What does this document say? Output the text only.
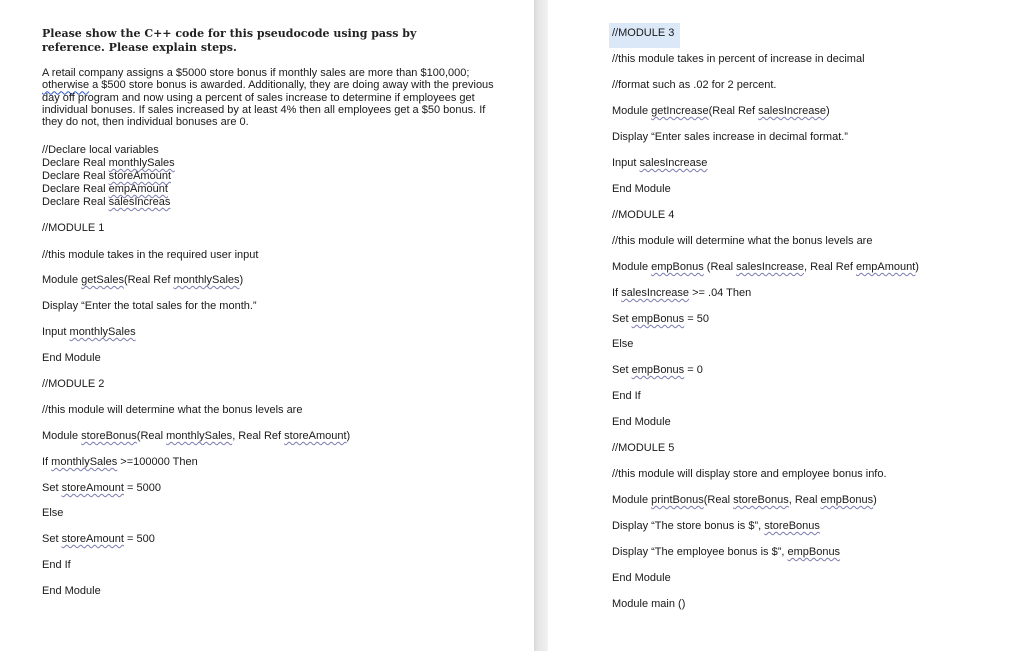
Please show the C++ code for this pseudocode using pass by reference. Please explain steps.
A retail company assigns a $5000 store bonus if monthly sales are more than $100,000;
otherwise a $500 store bonus is awarded. Additionally, they are doing away with the previous day off program and now using a percent of sales increase to determine if employees get individual bonuses. If sales increased by at least 4% then all employees get a $50 bonus. If they do not, then individual bonuses are 0.
//Declare local variables
Declare Real monthlySales
Declare Real storeAmount
Declare Real empAmount
Declare Real salesIncreas
//MODULE 1
//this module takes in the required user input
Module getSales(Real Ref monthlySales)
Display “Enter the total sales for the month.”
Input monthlySales
End Module
//MODULE 2
//this module will determine what the bonus levels are
Module storeBonus(Real monthlySales, Real Ref storeAmount)
If monthlySales >=100000 Then
Set storeAmount = 5000
Else
Set storeAmount = 500
End If
End Module
//MODULE 3
//this module takes in percent of increase in decimal
//format such as .02 for 2 percent.
Module getIncrease(Real Ref salesIncrease)
Display “Enter sales increase in decimal format.”
Input salesIncrease
End Module
//MODULE 4
//this module will determine what the bonus levels are
Module empBonus (Real salesIncrease, Real Ref empAmount)
If salesIncrease >= .04 Then
Set empBonus = 50
Else
Set empBonus = 0
End If
End Module
//MODULE 5
//this module will display store and employee bonus info.
Module printBonus(Real storeBonus, Real empBonus)
Display “The store bonus is $”, storeBonus
Display “The employee bonus is $”, empBonus
End Module
Module main ()
